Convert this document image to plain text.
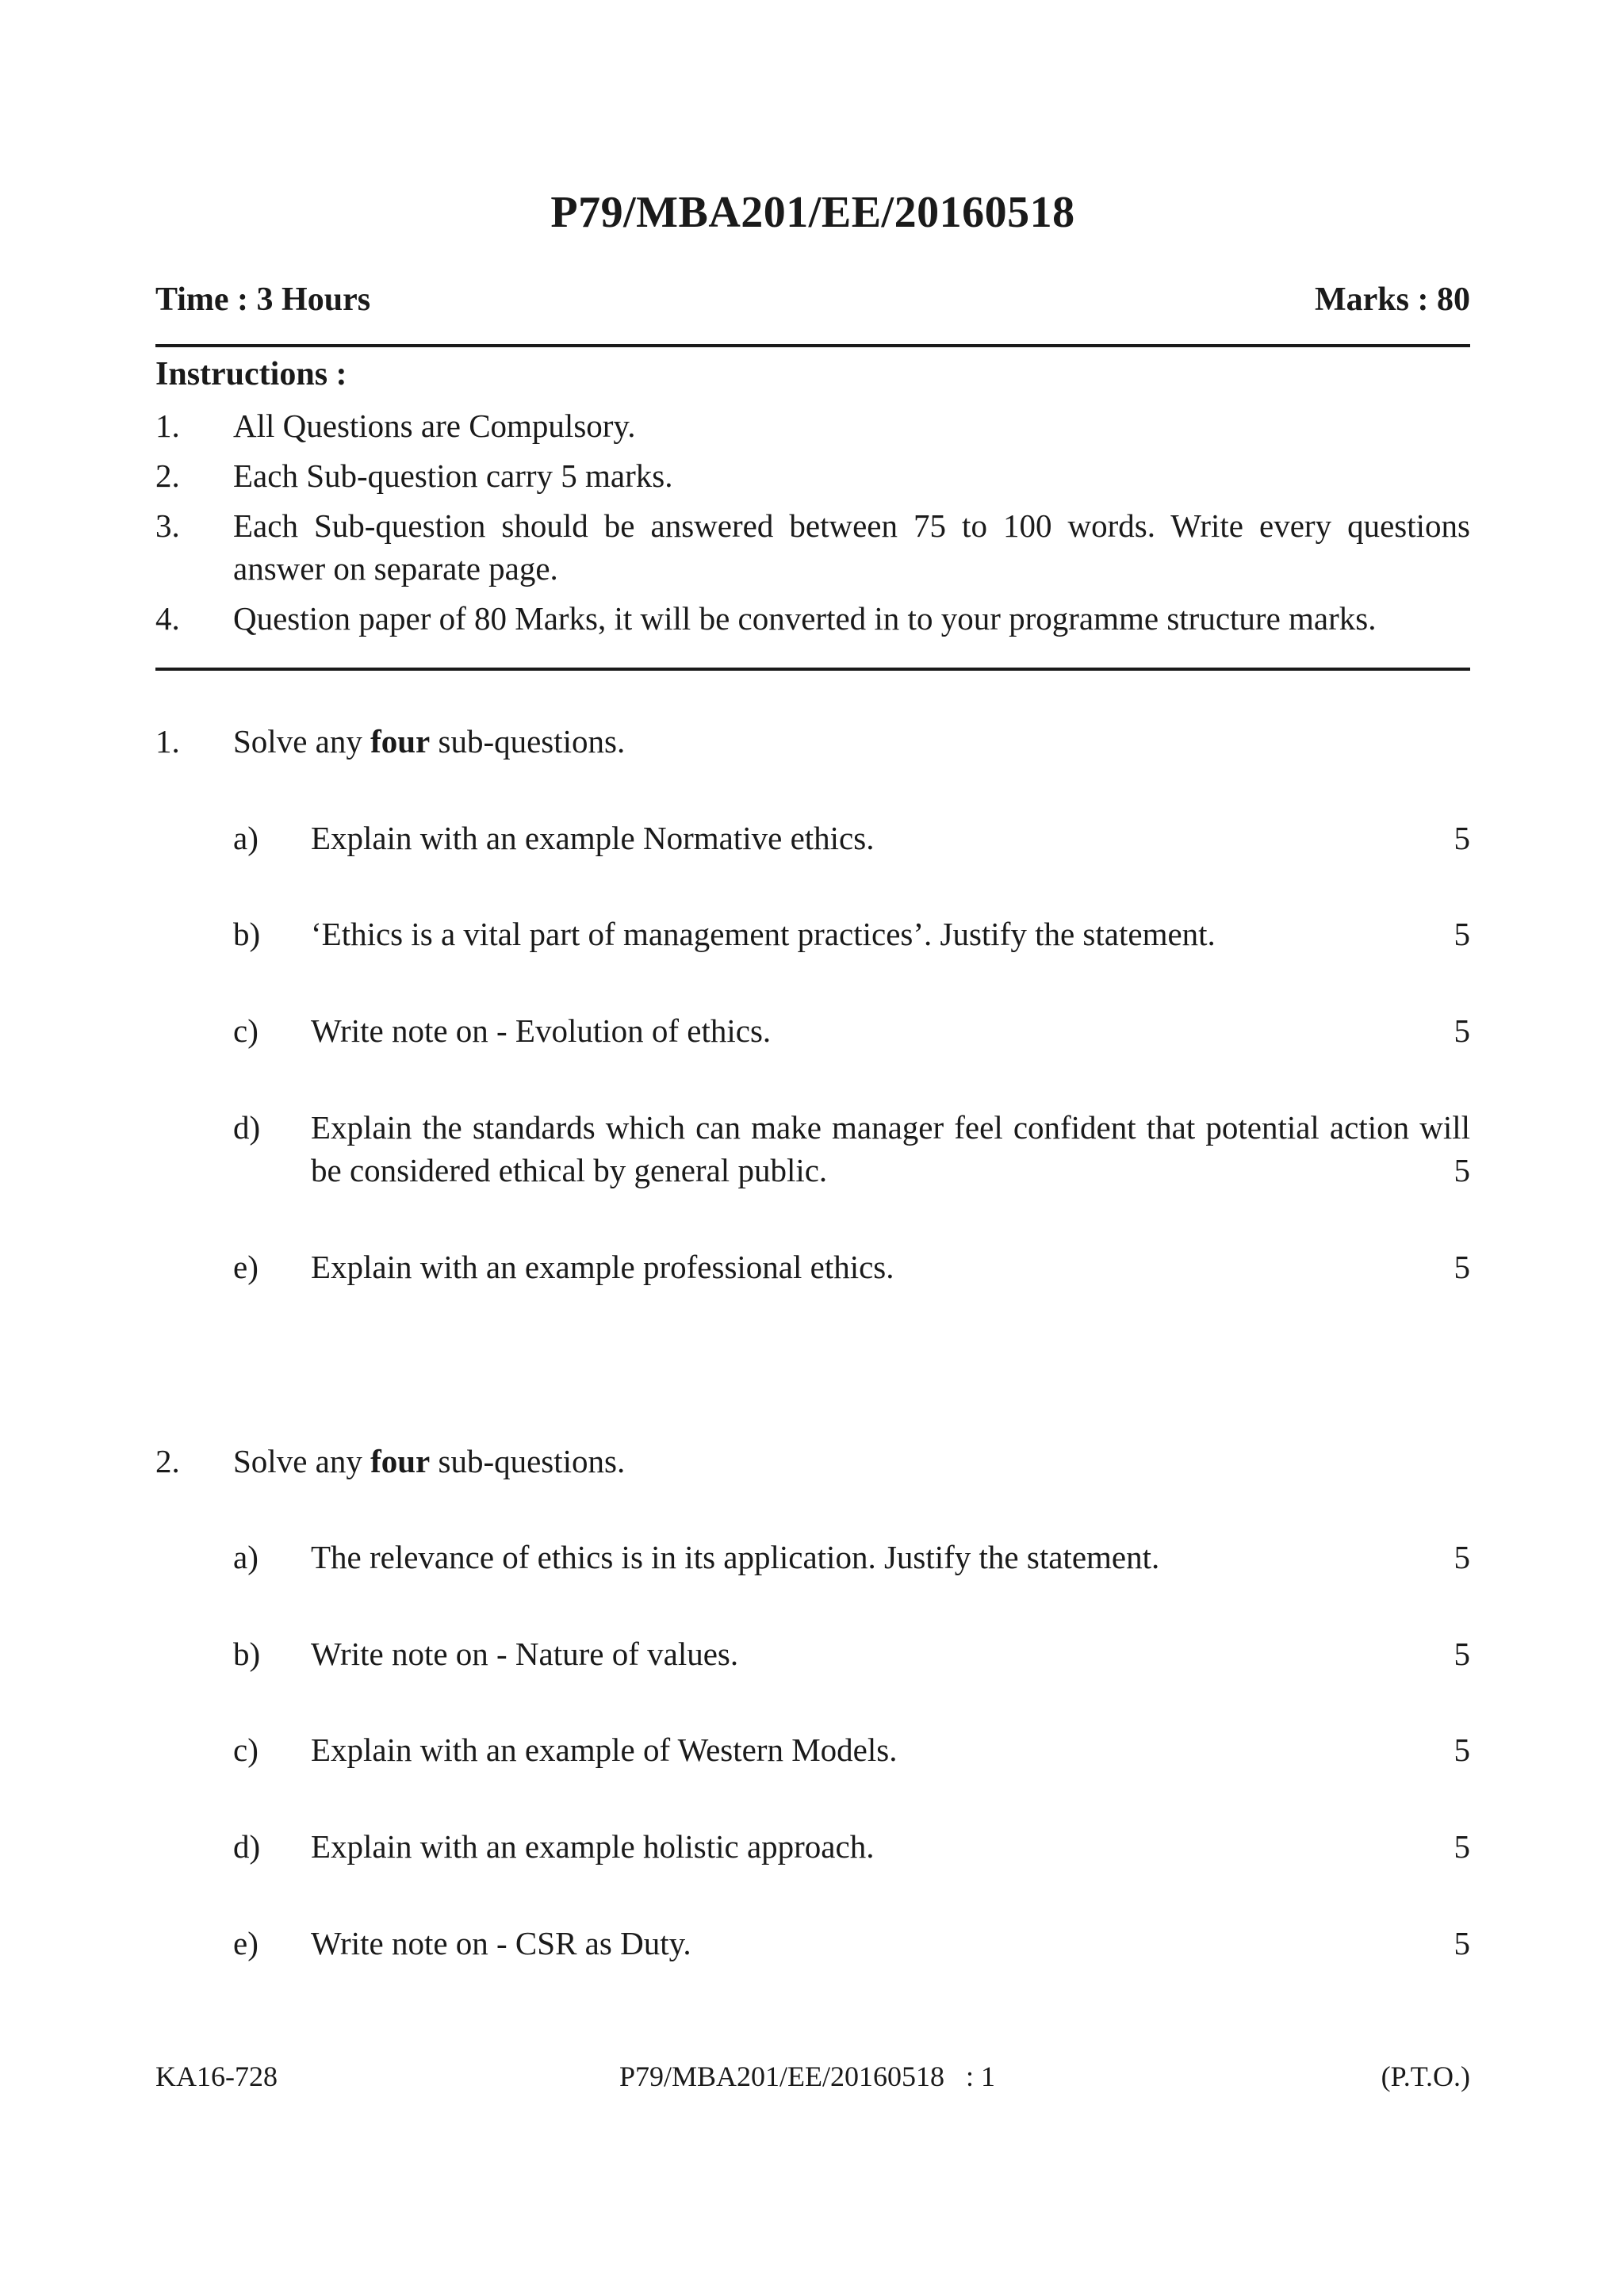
P79/MBA201/EE/20160518
Time : 3 Hours	Marks : 80
Instructions :
1.	All Questions are Compulsory.
2.	Each Sub-question carry 5 marks.
3.	Each Sub-question should be answered between 75 to 100 words. Write every questions answer on separate page.
4.	Question paper of 80 Marks, it will be converted in to your programme structure marks.
1.	Solve any four sub-questions.
a)	Explain with an example Normative ethics.	5
b)	‘Ethics is a vital part of management practices’. Justify the statement.	5
c)	Write note on - Evolution of ethics.	5
d)	Explain the standards which can make manager feel confident that potential action will be considered ethical by general public.	5
e)	Explain with an example professional ethics.	5
2.	Solve any four sub-questions.
a)	The relevance of ethics is in its application. Justify the statement.	5
b)	Write note on - Nature of values.	5
c)	Explain with an example of Western Models.	5
d)	Explain with an example holistic approach.	5
e)	Write note on - CSR as Duty.	5
KA16-728	P79/MBA201/EE/20160518   : 1	(P.T.O.)
